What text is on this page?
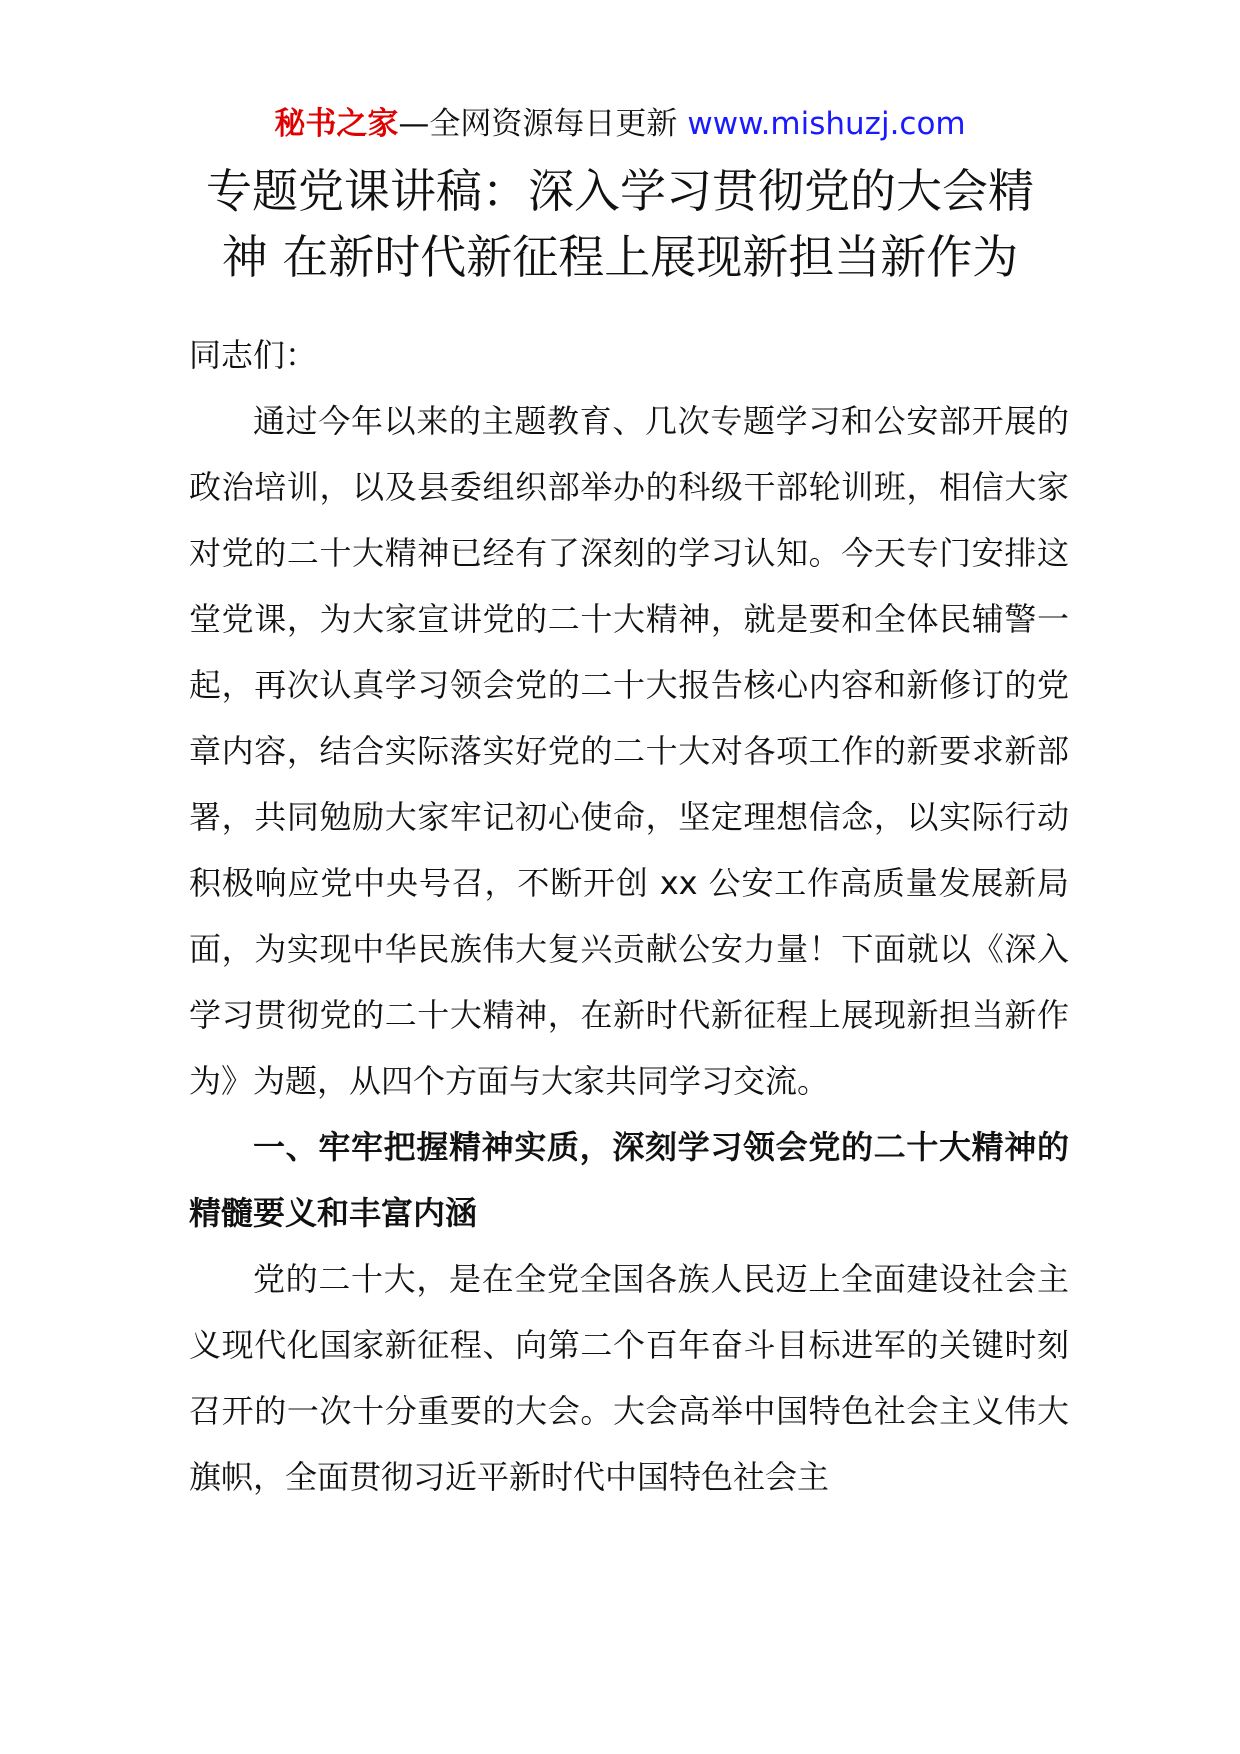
秘书之家—全网资源每日更新 www.mishuzj.com
专题党课讲稿：深入学习贯彻党的大会精
神 在新时代新征程上展现新担当新作为

同志们：

通过今年以来的主题教育、几次专题学习和公安部开展的政治培训，以及县委组织部举办的科级干部轮训班，相信大家对党的二十大精神已经有了深刻的学习认知。今天专门安排这堂党课，为大家宣讲党的二十大精神，就是要和全体民辅警一起，再次认真学习领会党的二十大报告核心内容和新修订的党章内容，结合实际落实好党的二十大对各项工作的新要求新部署，共同勉励大家牢记初心使命，坚定理想信念，以实际行动积极响应党中央号召，不断开创 xx 公安工作高质量发展新局面，为实现中华民族伟大复兴贡献公安力量！下面就以《深入学习贯彻党的二十大精神，在新时代新征程上展现新担当新作为》为题，从四个方面与大家共同学习交流。

一、牢牢把握精神实质，深刻学习领会党的二十大精神的精髓要义和丰富内涵

党的二十大，是在全党全国各族人民迈上全面建设社会主义现代化国家新征程、向第二个百年奋斗目标进军的关键时刻召开的一次十分重要的大会。大会高举中国特色社会主义伟大旗帜，全面贯彻习近平新时代中国特色社会主
